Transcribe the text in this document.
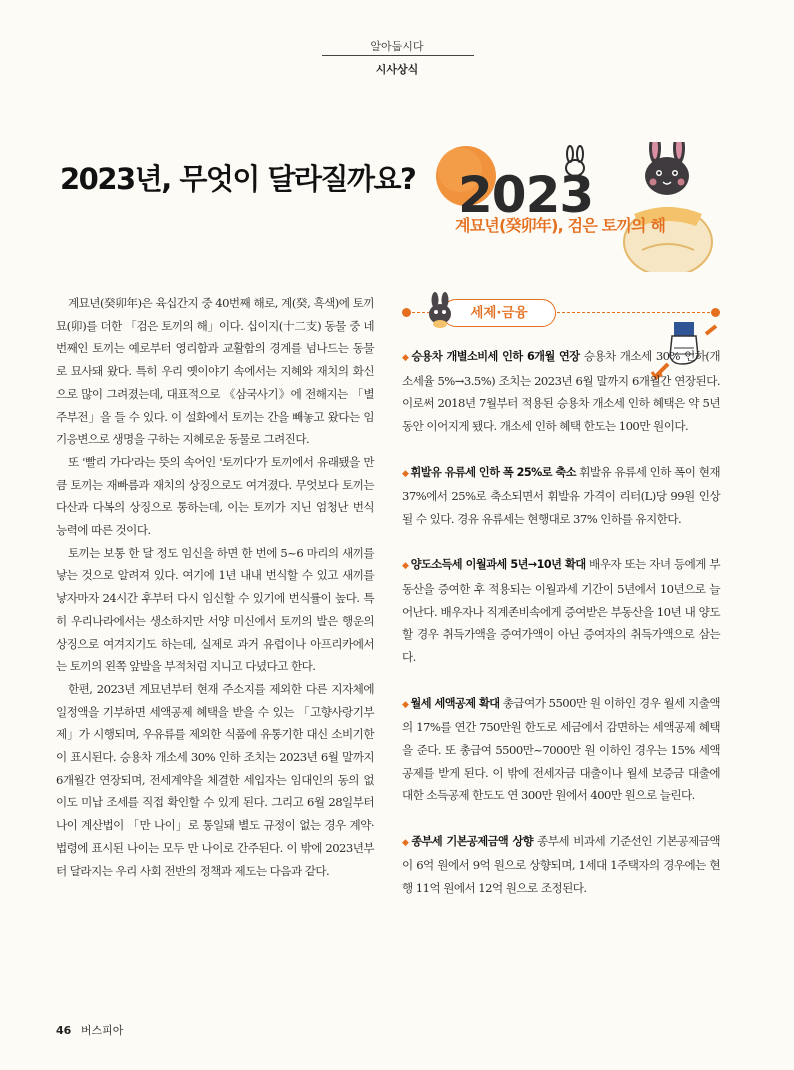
알아둡시다
시사상식
2023년, 무엇이 달라질까요? 2023
계묘년(癸卯年), 검은 토끼의 해

계묘년(癸卯年)은 육십간지 중 40번째 해로, 계(癸, 흑색)에 토끼 묘(卯)를 더한 「검은 토끼의 해」이다. 십이지(十二支) 동물 중 네 번째인 토끼는 예로부터 영리함과 교활함의 경계를 넘나드는 동물로 묘사돼 왔다. 특히 우리 옛이야기 속에서는 지혜와 재치의 화신으로 많이 그려졌는데, 대표적으로 《삼국사기》에 전해지는 「별주부전」을 들 수 있다. 이 설화에서 토끼는 간을 빼놓고 왔다는 임기응변으로 생명을 구하는 지혜로운 동물로 그려진다.

또 '빨리 가다'라는 뜻의 속어인 '토끼다'가 토끼에서 유래됐을 만큼 토끼는 재빠름과 재치의 상징으로도 여겨졌다. 무엇보다 토끼는 다산과 다복의 상징으로 통하는데, 이는 토끼가 지닌 엄청난 번식 능력에 따른 것이다.

토끼는 보통 한 달 정도 임신을 하면 한 번에 5~6 마리의 새끼를 낳는 것으로 알려져 있다. 여기에 1년 내내 번식할 수 있고 새끼를 낳자마자 24시간 후부터 다시 임신할 수 있기에 번식률이 높다. 특히 우리나라에서는 생소하지만 서양 미신에서 토끼의 발은 행운의 상징으로 여겨지기도 하는데, 실제로 과거 유럽이나 아프리카에서는 토끼의 왼쪽 앞발을 부적처럼 지니고 다녔다고 한다.

한편, 2023년 계묘년부터 현재 주소지를 제외한 다른 지자체에 일정액을 기부하면 세액공제 혜택을 받을 수 있는 「고향사랑기부제」가 시행되며, 우유류를 제외한 식품에 유통기한 대신 소비기한이 표시된다. 승용차 개소세 30% 인하 조치는 2023년 6월 말까지 6개월간 연장되며, 전세계약을 체결한 세입자는 임대인의 동의 없이도 미납 조세를 직접 확인할 수 있게 된다. 그리고 6월 28일부터 나이 계산법이 「만 나이」로 통일돼 별도 규정이 없는 경우 계약·법령에 표시된 나이는 모두 만 나이로 간주된다. 이 밖에 2023년부터 달라지는 우리 사회 전반의 정책과 제도는 다음과 같다.

세제·금융

◆ 승용차 개별소비세 인하 6개월 연장 승용차 개소세 30% 인하(개소세율 5%→3.5%) 조치는 2023년 6월 말까지 6개월간 연장된다. 이로써 2018년 7월부터 적용된 승용차 개소세 인하 혜택은 약 5년 동안 이어지게 됐다. 개소세 인하 혜택 한도는 100만 원이다.

◆ 휘발유 유류세 인하 폭 25%로 축소 휘발유 유류세 인하 폭이 현재 37%에서 25%로 축소되면서 휘발유 가격이 리터(L)당 99원 인상될 수 있다. 경유 유류세는 현행대로 37% 인하를 유지한다.

◆ 양도소득세 이월과세 5년→10년 확대 배우자 또는 자녀 등에게 부동산을 증여한 후 적용되는 이월과세 기간이 5년에서 10년으로 늘어난다. 배우자나 직계존비속에게 증여받은 부동산을 10년 내 양도할 경우 취득가액을 증여가액이 아닌 증여자의 취득가액으로 삼는다.

◆ 월세 세액공제 확대 총급여가 5500만 원 이하인 경우 월세 지출액의 17%를 연간 750만원 한도로 세금에서 감면하는 세액공제 혜택을 준다. 또 총급여 5500만~7000만 원 이하인 경우는 15% 세액공제를 받게 된다. 이 밖에 전세자금 대출이나 월세 보증금 대출에 대한 소득공제 한도도 연 300만 원에서 400만 원으로 늘린다.

◆ 종부세 기본공제금액 상향 종부세 비과세 기준선인 기본공제금액이 6억 원에서 9억 원으로 상향되며, 1세대 1주택자의 경우에는 현행 11억 원에서 12억 원으로 조정된다.

46 버스피아
